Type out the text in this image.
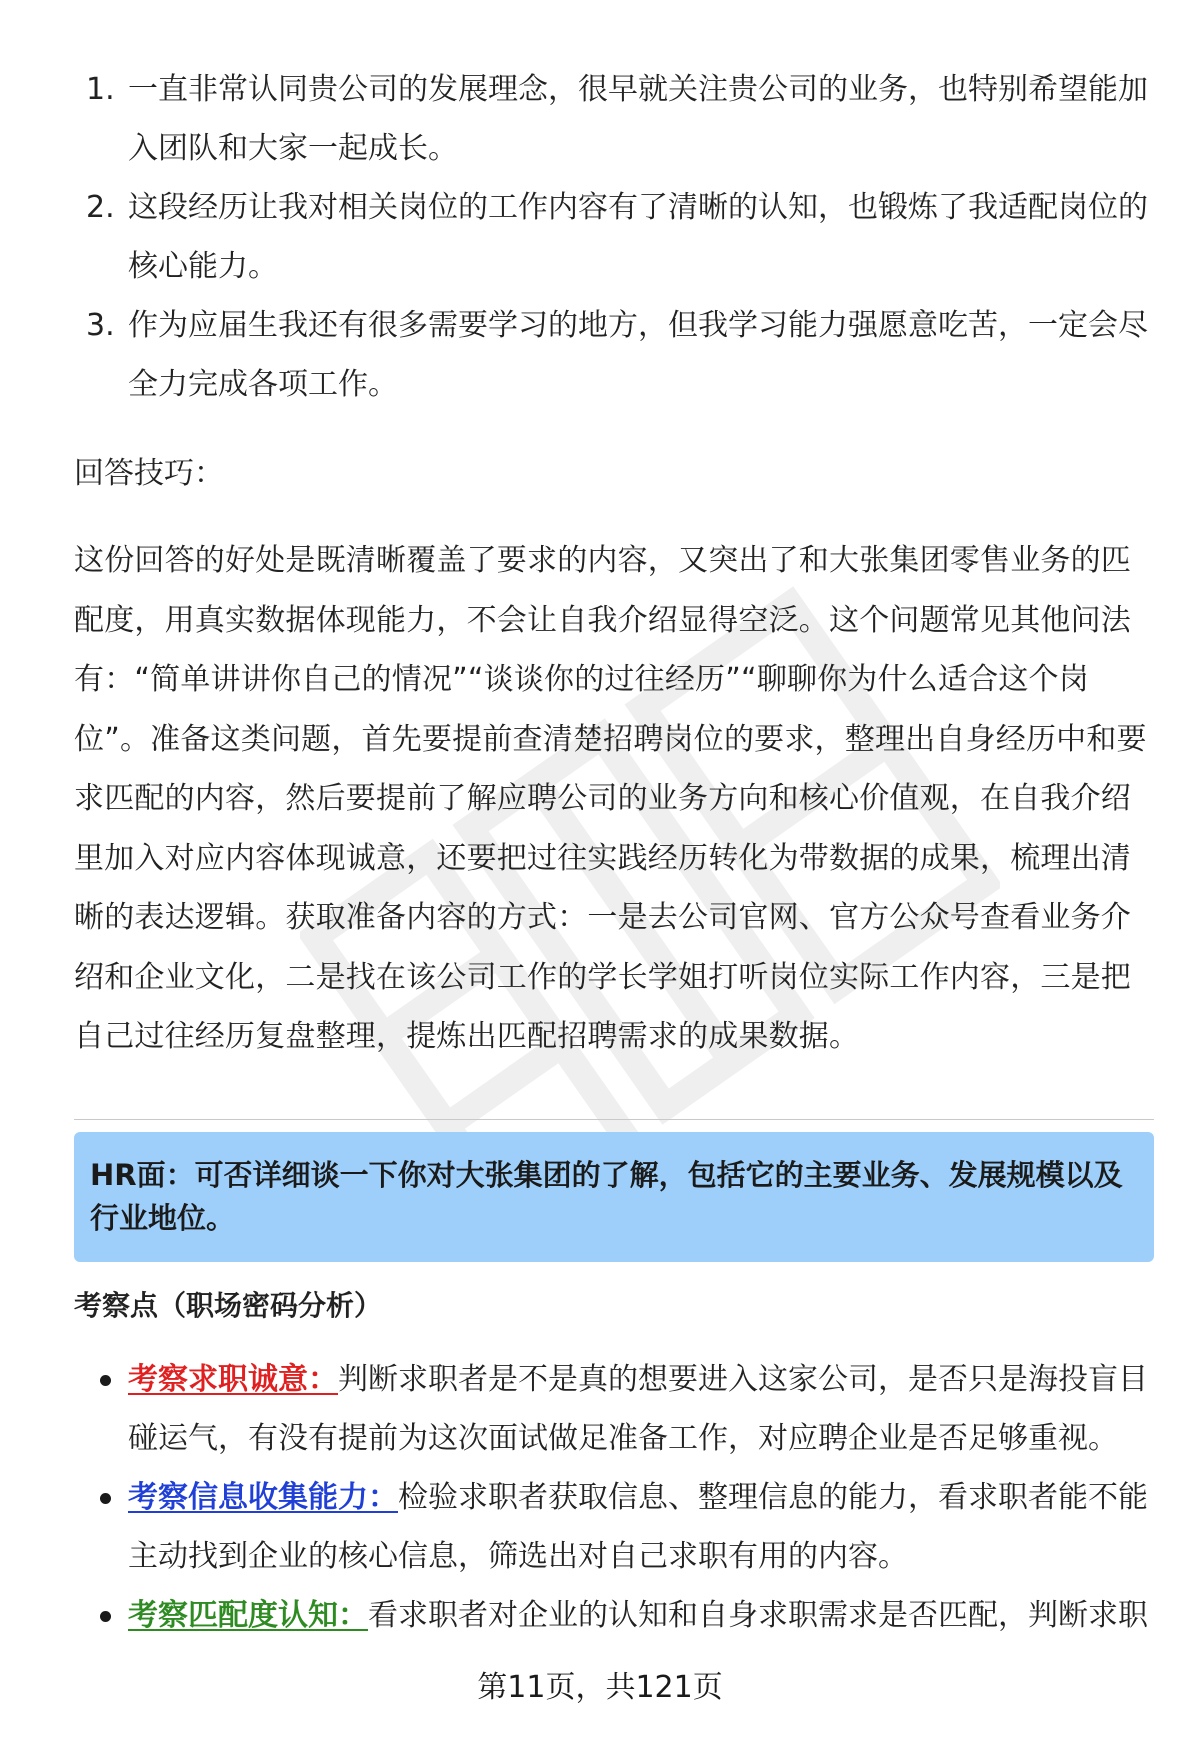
1. 一直非常认同贵公司的发展理念，很早就关注贵公司的业务，也特别希望能加入团队和大家一起成长。
2. 这段经历让我对相关岗位的工作内容有了清晰的认知，也锻炼了我适配岗位的核心能力。
3. 作为应届生我还有很多需要学习的地方，但我学习能力强愿意吃苦，一定会尽全力完成各项工作。
回答技巧：
这份回答的好处是既清晰覆盖了要求的内容，又突出了和大张集团零售业务的匹配度，用真实数据体现能力，不会让自我介绍显得空泛。这个问题常见其他问法有：“简单讲讲你自己的情况”“谈谈你的过往经历”“聊聊你为什么适合这个岗位”。准备这类问题，首先要提前查清楚招聘岗位的要求，整理出自身经历中和要求匹配的内容，然后要提前了解应聘公司的业务方向和核心价值观，在自我介绍里加入对应内容体现诚意，还要把过往实践经历转化为带数据的成果，梳理出清晰的表达逻辑。获取准备内容的方式：一是去公司官网、官方公众号查看业务介绍和企业文化，二是找在该公司工作的学长学姐打听岗位实际工作内容，三是把自己过往经历复盘整理，提炼出匹配招聘需求的成果数据。
HR面：可否详细谈一下你对大张集团的了解，包括它的主要业务、发展规模以及行业地位。
考察点（职场密码分析）
考察求职诚意：判断求职者是不是真的想要进入这家公司，是否只是海投盲目碰运气，有没有提前为这次面试做足准备工作，对应聘企业是否足够重视。
考察信息收集能力：检验求职者获取信息、整理信息的能力，看求职者能不能主动找到企业的核心信息，筛选出对自己求职有用的内容。
考察匹配度认知：看求职者对企业的认知和自身求职需求是否匹配，判断求职
第11页，共121页
